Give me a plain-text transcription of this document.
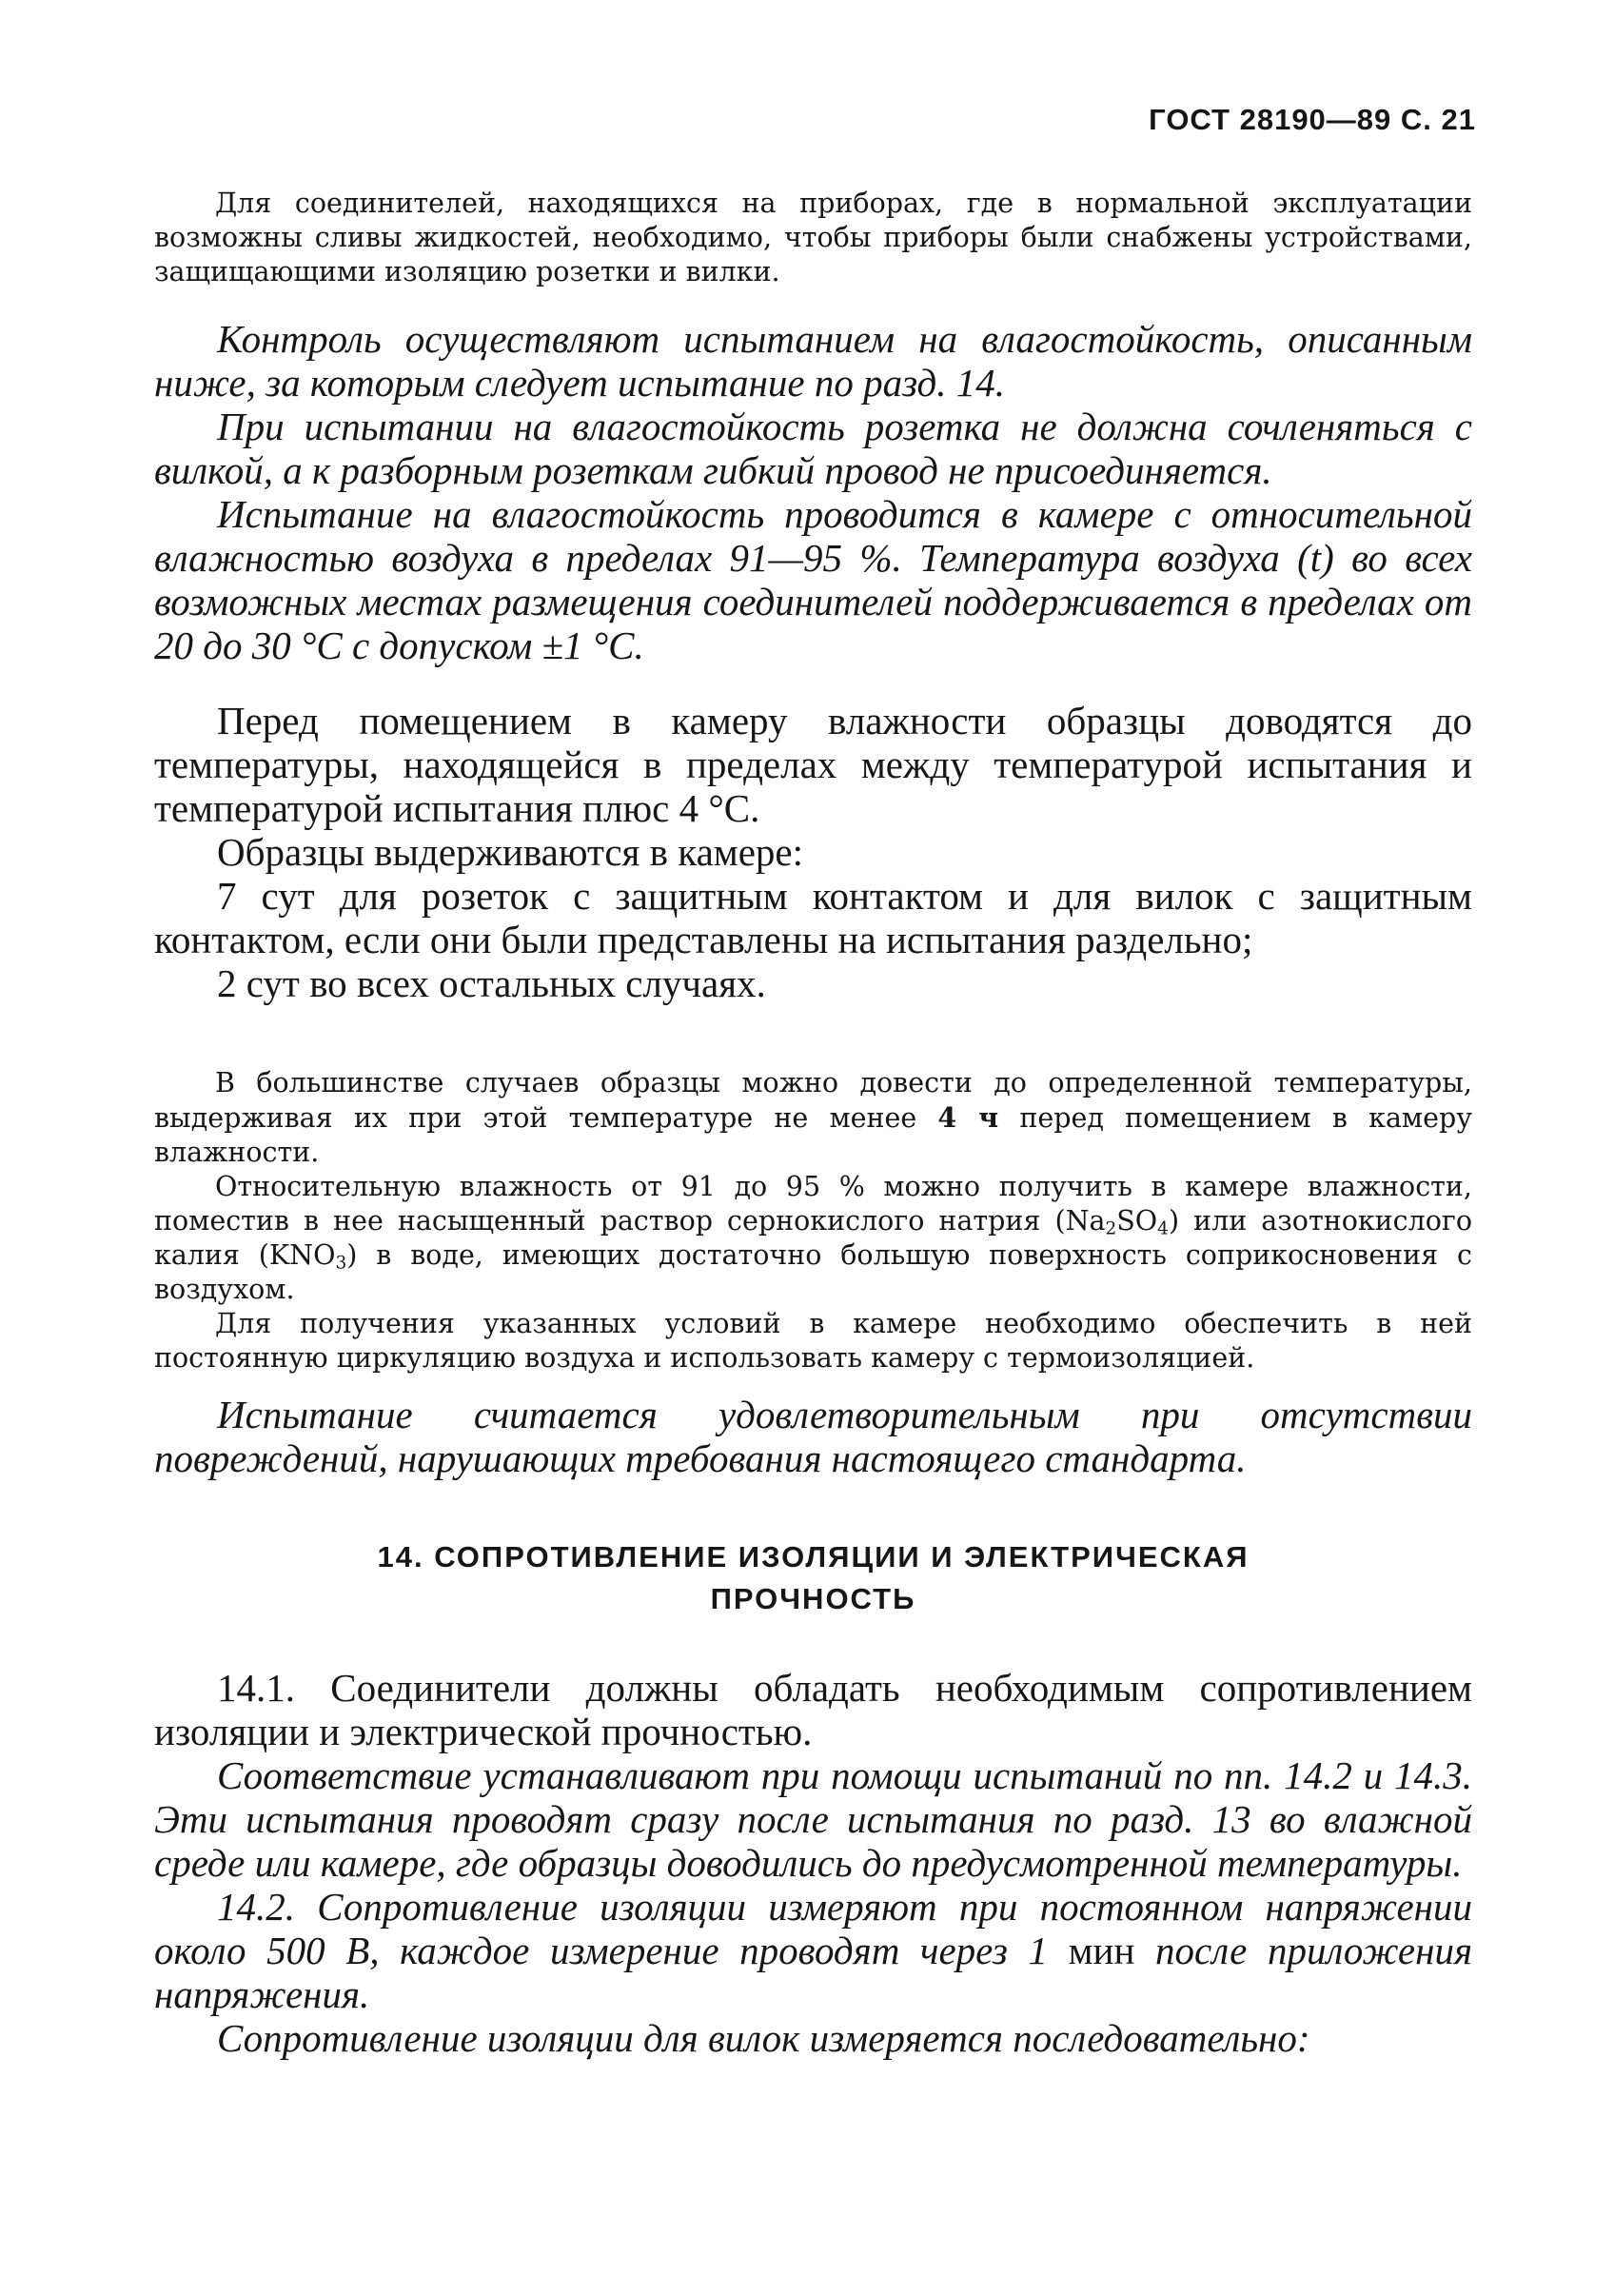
ГОСТ 28190—89 С. 21

Для соединителей, находящихся на приборах, где в нормальной эксплуатации возможны сливы жидкостей, необходимо, чтобы приборы были снабжены устройствами, защищающими изоляцию розетки и вилки.

Контроль осуществляют испытанием на влагостойкость, описанным ниже, за которым следует испытание по разд. 14.

При испытании на влагостойкость розетка не должна сочленяться с вилкой, а к разборным розеткам гибкий провод не присоединяется.

Испытание на влагостойкость проводится в камере с относительной влажностью воздуха в пределах 91—95 %. Температура воздуха (t) во всех возможных местах размещения соединителей поддерживается в пределах от 20 до 30 °С с допуском ±1 °С.

Перед помещением в камеру влажности образцы доводятся до температуры, находящейся в пределах между температурой испытания и температурой испытания плюс 4 °С.

Образцы выдерживаются в камере:

7 сут для розеток с защитным контактом и для вилок с защитным контактом, если они были представлены на испытания раздельно;

2 сут во всех остальных случаях.

В большинстве случаев образцы можно довести до определенной температуры, выдерживая их при этой температуре не менее 4 ч перед помещением в камеру влажности.

Относительную влажность от 91 до 95 % можно получить в камере влажности, поместив в нее насыщенный раствор сернокислого натрия $(Na_2SO_4)$ или азотнокислого калия $(KNO_3)$ в воде, имеющих достаточно большую поверхность соприкосновения с воздухом.

Для получения указанных условий в камере необходимо обеспечить в ней постоянную циркуляцию воздуха и использовать камеру с термоизоляцией.

Испытание считается удовлетворительным при отсутствии повреждений, нарушающих требования настоящего стандарта.

14. СОПРОТИВЛЕНИЕ ИЗОЛЯЦИИ И ЭЛЕКТРИЧЕСКАЯ
ПРОЧНОСТЬ

14.1. Соединители должны обладать необходимым сопротивлением изоляции и электрической прочностью.

Соответствие устанавливают при помощи испытаний по пп. 14.2 и 14.3. Эти испытания проводят сразу после испытания по разд. 13 во влажной среде или камере, где образцы доводились до предусмотренной температуры.

14.2. Сопротивление изоляции измеряют при постоянном напряжении около 500 В, каждое измерение проводят через 1 мин после приложения напряжения.

Сопротивление изоляции для вилок измеряется последовательно:
